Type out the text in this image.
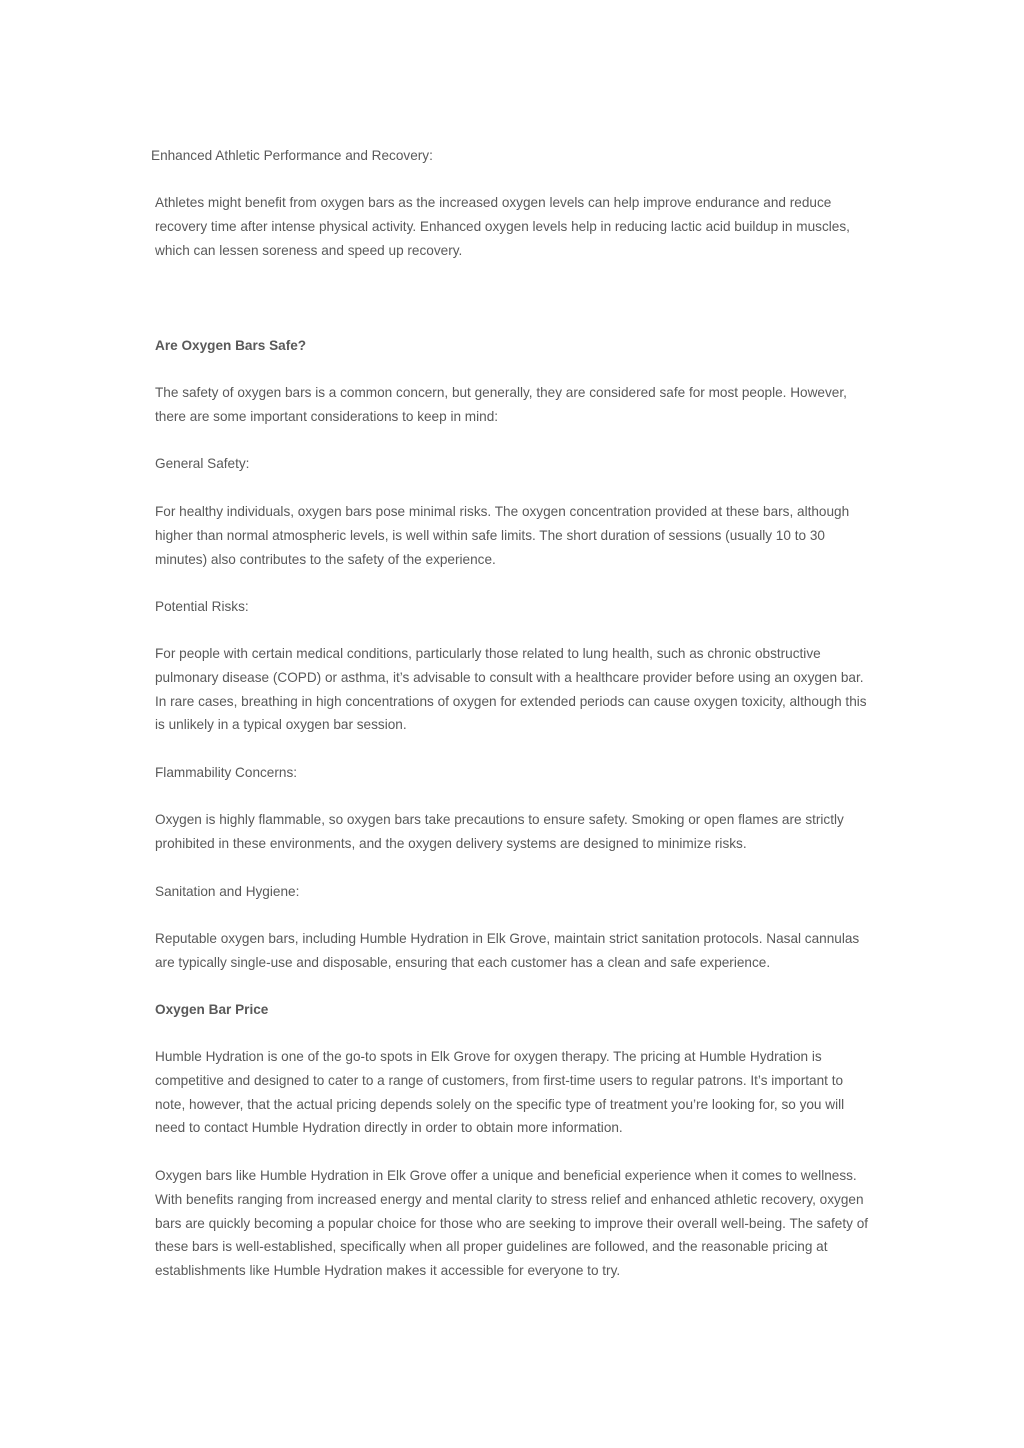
Enhanced Athletic Performance and Recovery:

Athletes might benefit from oxygen bars as the increased oxygen levels can help improve endurance and reduce recovery time after intense physical activity. Enhanced oxygen levels help in reducing lactic acid buildup in muscles, which can lessen soreness and speed up recovery.

Are Oxygen Bars Safe?

The safety of oxygen bars is a common concern, but generally, they are considered safe for most people. However, there are some important considerations to keep in mind:

General Safety:

For healthy individuals, oxygen bars pose minimal risks. The oxygen concentration provided at these bars, although higher than normal atmospheric levels, is well within safe limits. The short duration of sessions (usually 10 to 30 minutes) also contributes to the safety of the experience.

Potential Risks:

For people with certain medical conditions, particularly those related to lung health, such as chronic obstructive pulmonary disease (COPD) or asthma, it’s advisable to consult with a healthcare provider before using an oxygen bar. In rare cases, breathing in high concentrations of oxygen for extended periods can cause oxygen toxicity, although this is unlikely in a typical oxygen bar session.

Flammability Concerns:

Oxygen is highly flammable, so oxygen bars take precautions to ensure safety. Smoking or open flames are strictly prohibited in these environments, and the oxygen delivery systems are designed to minimize risks.

Sanitation and Hygiene:

Reputable oxygen bars, including Humble Hydration in Elk Grove, maintain strict sanitation protocols. Nasal cannulas are typically single-use and disposable, ensuring that each customer has a clean and safe experience.

Oxygen Bar Price

Humble Hydration is one of the go-to spots in Elk Grove for oxygen therapy. The pricing at Humble Hydration is competitive and designed to cater to a range of customers, from first-time users to regular patrons. It’s important to note, however, that the actual pricing depends solely on the specific type of treatment you’re looking for, so you will need to contact Humble Hydration directly in order to obtain more information.

Oxygen bars like Humble Hydration in Elk Grove offer a unique and beneficial experience when it comes to wellness. With benefits ranging from increased energy and mental clarity to stress relief and enhanced athletic recovery, oxygen bars are quickly becoming a popular choice for those who are seeking to improve their overall well-being. The safety of these bars is well-established, specifically when all proper guidelines are followed, and the reasonable pricing at establishments like Humble Hydration makes it accessible for everyone to try.
